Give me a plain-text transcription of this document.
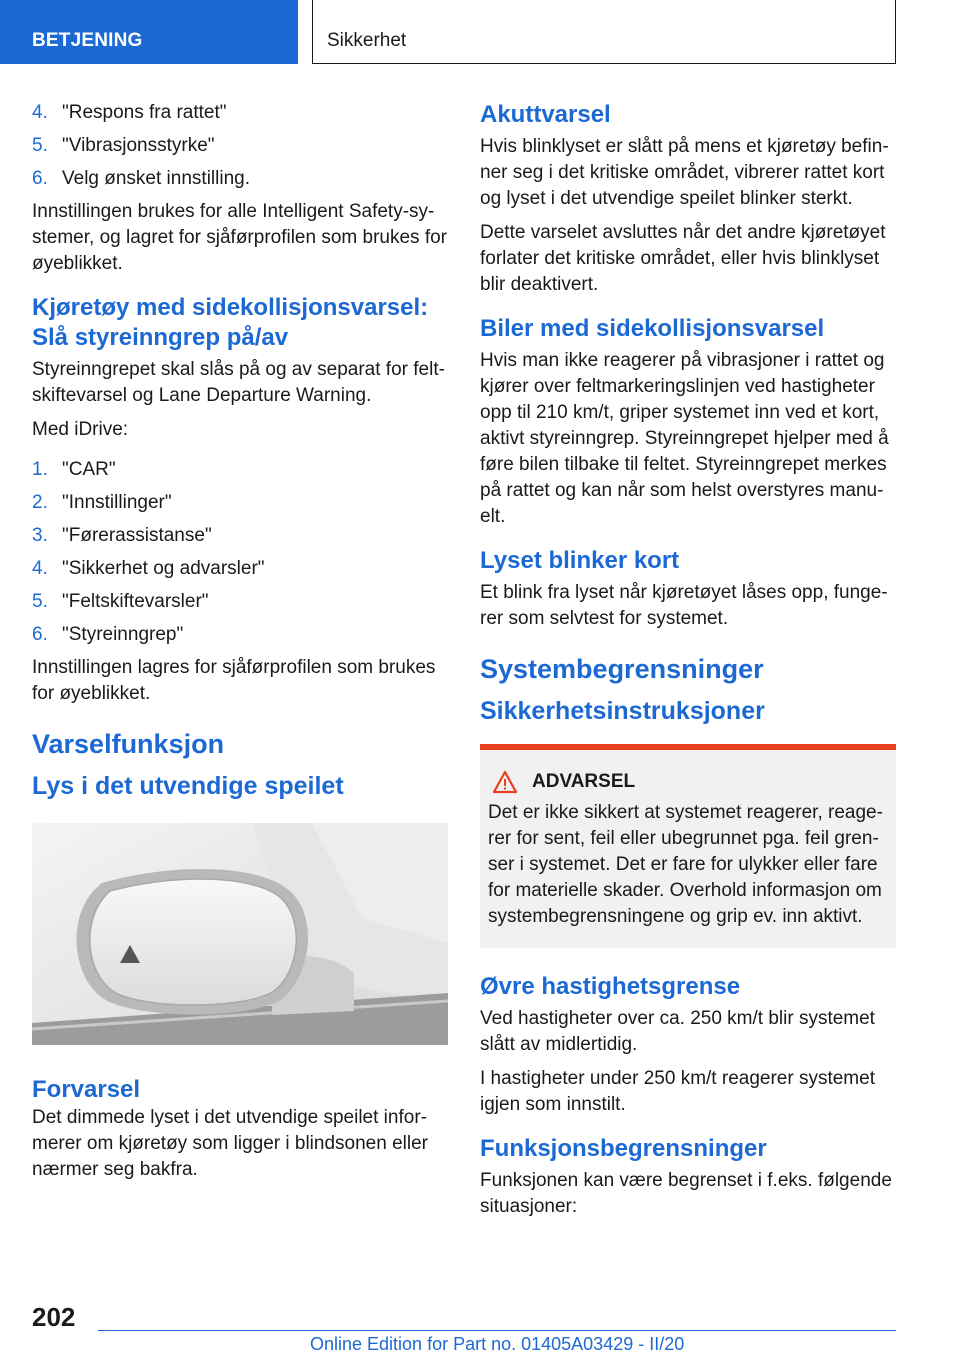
BETJENING	Sikkerhet
4. "Respons fra rattet"
5. "Vibrasjonsstyrke"
6. Velg ønsket innstilling.

Innstillingen brukes for alle Intelligent Safety-systemer, og lagret for sjåførprofilen som brukes for øyeblikket.

Kjøretøy med sidekollisjonsvarsel: Slå styreinngrep på/av

Styreinngrepet skal slås på og av separat for feltskiftevarsel og Lane Departure Warning.

Med iDrive:

1. "CAR"
2. "Innstillinger"
3. "Førerassistanse"
4. "Sikkerhet og advarsler"
5. "Feltskiftevarsler"
6. "Styreinngrep"

Innstillingen lagres for sjåførprofilen som brukes for øyeblikket.

Varselfunksjon
Lys i det utvendige speilet
Forvarsel

Det dimmede lyset i det utvendige speilet informerer om kjøretøy som ligger i blindsonen eller nærmer seg bakfra.

Akuttvarsel

Hvis blinklyset er slått på mens et kjøretøy befinner seg i det kritiske området, vibrerer rattet kort og lyset i det utvendige speilet blinker sterkt.

Dette varselet avsluttes når det andre kjøretøyet forlater det kritiske området, eller hvis blinklyset blir deaktivert.

Biler med sidekollisjonsvarsel

Hvis man ikke reagerer på vibrasjoner i rattet og kjører over feltmarkeringslinjen ved hastigheter opp til 210 km/t, griper systemet inn ved et kort, aktivt styreinngrep. Styreinngrepet hjelper med å føre bilen tilbake til feltet. Styreinngrepet merkes på rattet og kan når som helst overstyres manuelt.

Lyset blinker kort

Et blink fra lyset når kjøretøyet låses opp, fungerer som selvtest for systemet.

Systembegrensninger
Sikkerhetsinstruksjoner
ADVARSEL

Det er ikke sikkert at systemet reagerer, reagerer for sent, feil eller ubegrunnet pga. feil grenser i systemet. Det er fare for ulykker eller fare for materielle skader. Overhold informasjon om systembegrensningene og grip ev. inn aktivt.

Øvre hastighetsgrense

Ved hastigheter over ca. 250 km/t blir systemet slått av midlertidig.

I hastigheter under 250 km/t reagerer systemet igjen som innstilt.

Funksjonsbegrensninger

Funksjonen kan være begrenset i f.eks. følgende situasjoner:

202
Online Edition for Part no. 01405A03429 - II/20
